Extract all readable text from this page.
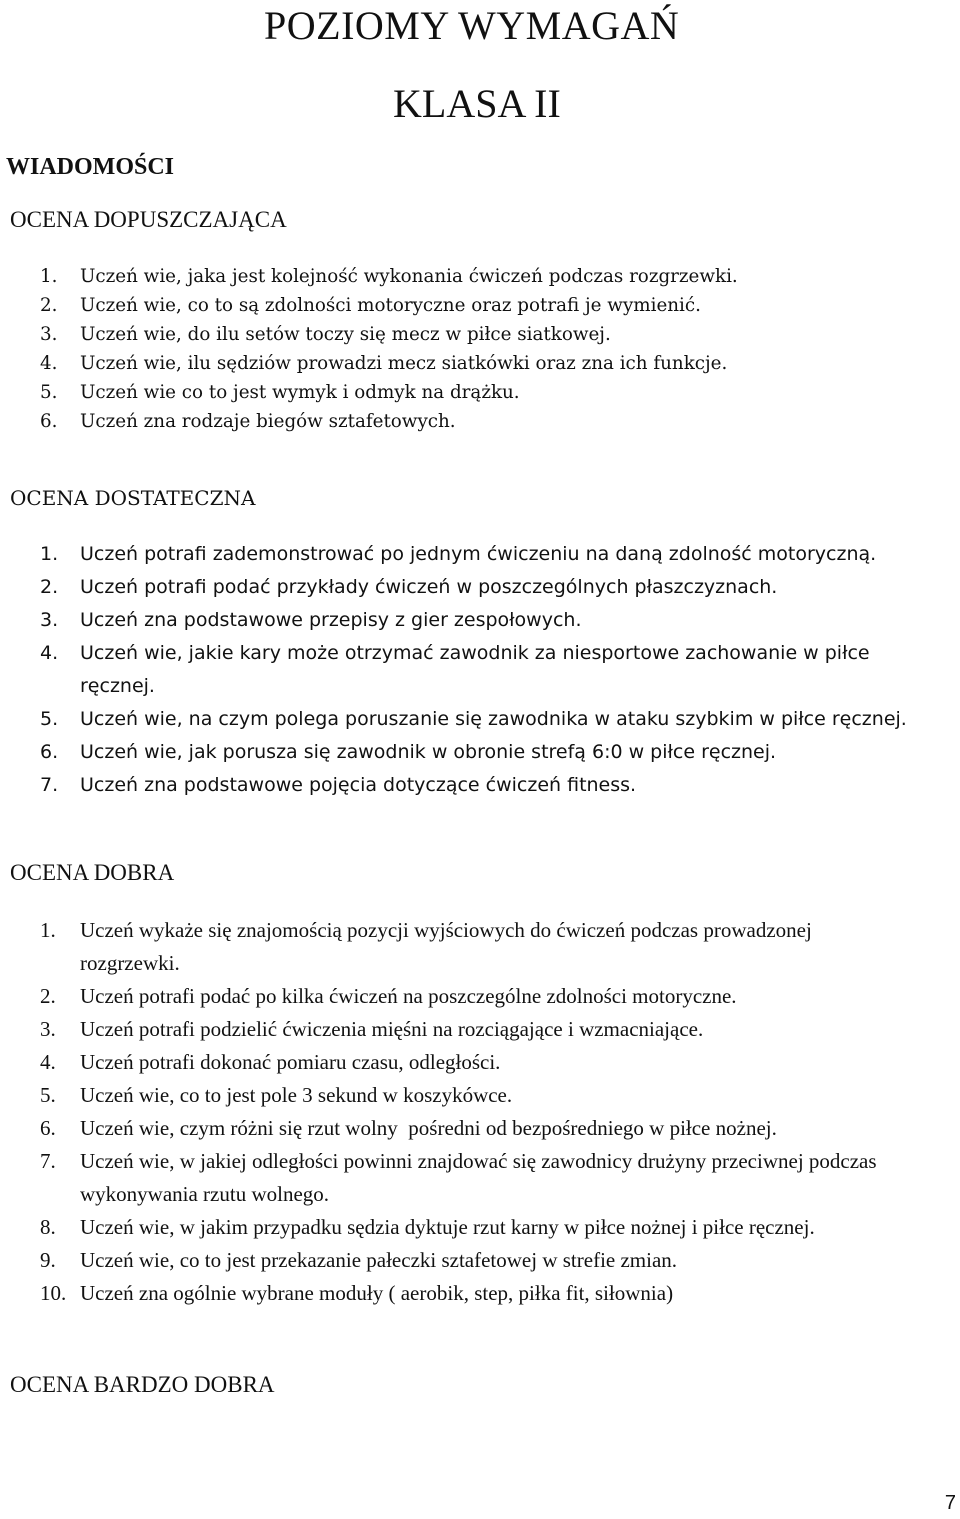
POZIOMY WYMAGAŃ
KLASA II
WIADOMOŚCI
OCENA DOPUSZCZAJĄCA
1.	Uczeń wie, jaka jest kolejność wykonania ćwiczeń podczas rozgrzewki.
2.	Uczeń wie, co to są zdolności motoryczne oraz potrafi je wymienić.
3.	Uczeń wie, do ilu setów toczy się mecz w piłce siatkowej.
4.	Uczeń wie, ilu sędziów prowadzi mecz siatkówki oraz zna ich funkcje.
5.	Uczeń wie co to jest wymyk i odmyk na drążku.
6.	Uczeń zna rodzaje biegów sztafetowych.
OCENA DOSTATECZNA
1.	Uczeń potrafi zademonstrować po jednym ćwiczeniu na daną zdolność motoryczną.
2.	Uczeń potrafi podać przykłady ćwiczeń w poszczególnych płaszczyznach.
3.	Uczeń zna podstawowe przepisy z gier zespołowych.
4.	Uczeń wie, jakie kary może otrzymać zawodnik za niesportowe zachowanie w piłce ręcznej.
5.	Uczeń wie, na czym polega poruszanie się zawodnika w ataku szybkim w piłce ręcznej.
6.	Uczeń wie, jak porusza się zawodnik w obronie strefą 6:0 w piłce ręcznej.
7.	Uczeń zna podstawowe pojęcia dotyczące ćwiczeń fitness.
OCENA DOBRA
1.	Uczeń wykaże się znajomością pozycji wyjściowych do ćwiczeń podczas prowadzonej rozgrzewki.
2.	Uczeń potrafi podać po kilka ćwiczeń na poszczególne zdolności motoryczne.
3.	Uczeń potrafi podzielić ćwiczenia mięśni na rozciągające i wzmacniające.
4.	Uczeń potrafi dokonać pomiaru czasu, odległości.
5.	Uczeń wie, co to jest pole 3 sekund w koszykówce.
6.	Uczeń wie, czym różni się rzut wolny  pośredni od bezpośredniego w piłce nożnej.
7.	Uczeń wie, w jakiej odległości powinni znajdować się zawodnicy drużyny przeciwnej podczas wykonywania rzutu wolnego.
8.	Uczeń wie, w jakim przypadku sędzia dyktuje rzut karny w piłce nożnej i piłce ręcznej.
9.	Uczeń wie, co to jest przekazanie pałeczki sztafetowej w strefie zmian.
10. Uczeń zna ogólnie wybrane moduły ( aerobik, step, piłka fit, siłownia)
OCENA BARDZO DOBRA
7
